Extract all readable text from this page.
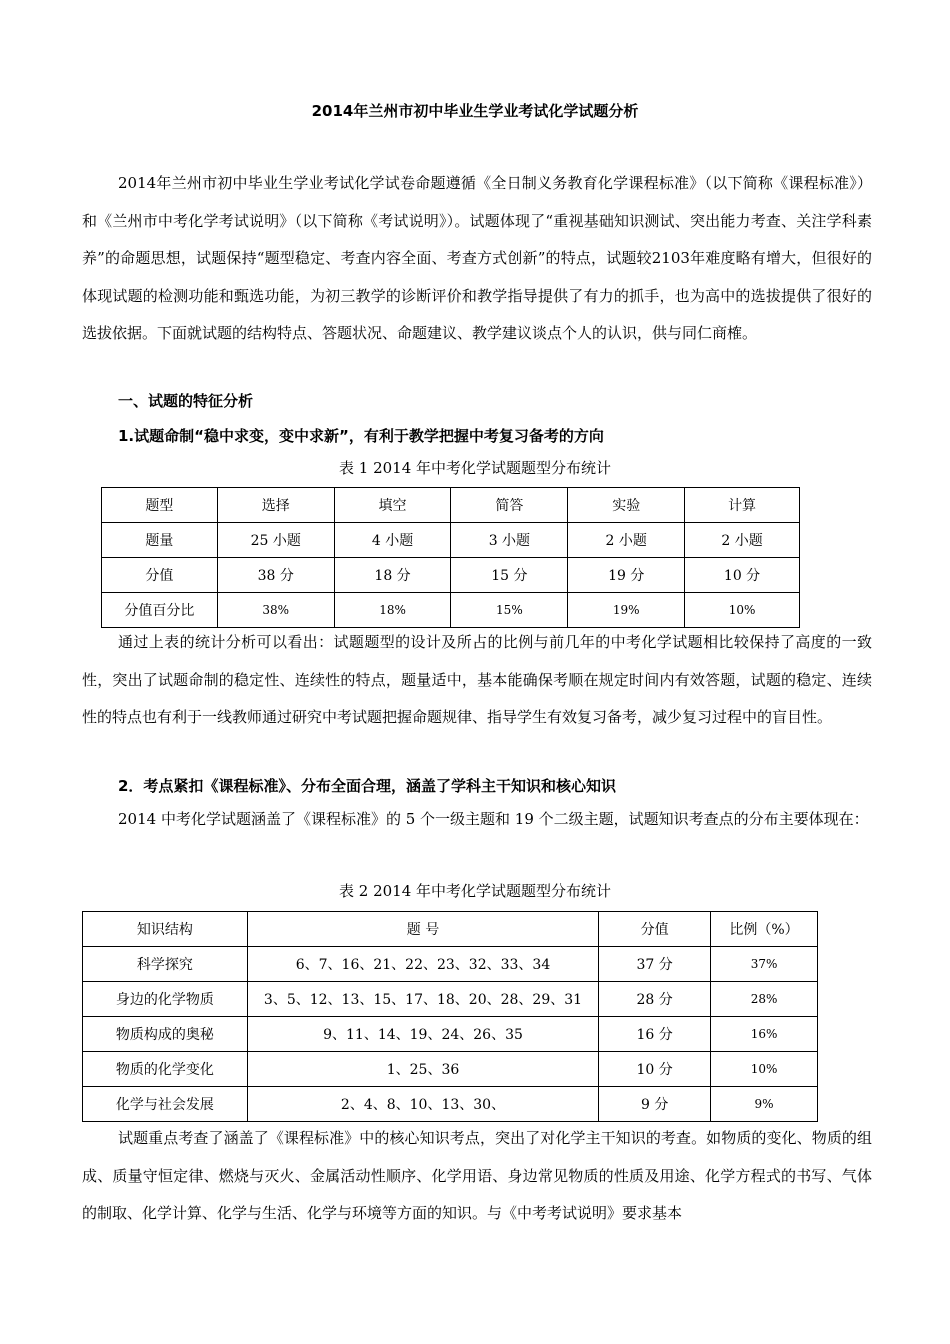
2014年兰州市初中毕业生学业考试化学试题分析

2014年兰州市初中毕业生学业考试化学试卷命题遵循《全日制义务教育化学课程标准》（以下简称《课程标准》）和《兰州市中考化学考试说明》（以下简称《考试说明》）。试题体现了“重视基础知识测试、突出能力考查、关注学科素养”的命题思想，试题保持“题型稳定、考查内容全面、考查方式创新”的特点，试题较2103年难度略有增大，但很好的体现试题的检测功能和甄选功能，为初三教学的诊断评价和教学指导提供了有力的抓手，也为高中的选拔提供了很好的选拔依据。下面就试题的结构特点、答题状况、命题建议、教学建议谈点个人的认识，供与同仁商榷。

一、试题的特征分析
1.试题命制“稳中求变，变中求新”，有利于教学把握中考复习备考的方向
表 1 2014 年中考化学试题题型分布统计
题型	选择	填空	简答	实验	计算
题量	25 小题	4 小题	3 小题	2 小题	2 小题
分值	38 分	18 分	15 分	19 分	10 分
分值百分比	38%	18%	15%	19%	10%

通过上表的统计分析可以看出：试题题型的设计及所占的比例与前几年的中考化学试题相比较保持了高度的一致性，突出了试题命制的稳定性、连续性的特点，题量适中，基本能确保考顺在规定时间内有效答题，试题的稳定、连续性的特点也有利于一线教师通过研究中考试题把握命题规律、指导学生有效复习备考，减少复习过程中的盲目性。

2．考点紧扣《课程标准》、分布全面合理，涵盖了学科主干知识和核心知识

2014 中考化学试题涵盖了《课程标准》的 5 个一级主题和 19 个二级主题，试题知识考查点的分布主要体现在：

表 2 2014 年中考化学试题题型分布统计
知识结构	题 号	分值	比例（%）
科学探究	6、7、16、21、22、23、32、33、34	37 分	37%
身边的化学物质	3、5、12、13、15、17、18、20、28、29、31	28 分	28%
物质构成的奥秘	9、11、14、19、24、26、35	16 分	16%
物质的化学变化	1、25、36	10 分	10%
化学与社会发展	2、4、8、10、13、30、	9 分	9%

试题重点考查了涵盖了《课程标准》中的核心知识考点，突出了对化学主干知识的考查。如物质的变化、物质的组成、质量守恒定律、燃烧与灭火、金属活动性顺序、化学用语、身边常见物质的性质及用途、化学方程式的书写、气体的制取、化学计算、化学与生活、化学与环境等方面的知识。与《中考考试说明》要求基本
